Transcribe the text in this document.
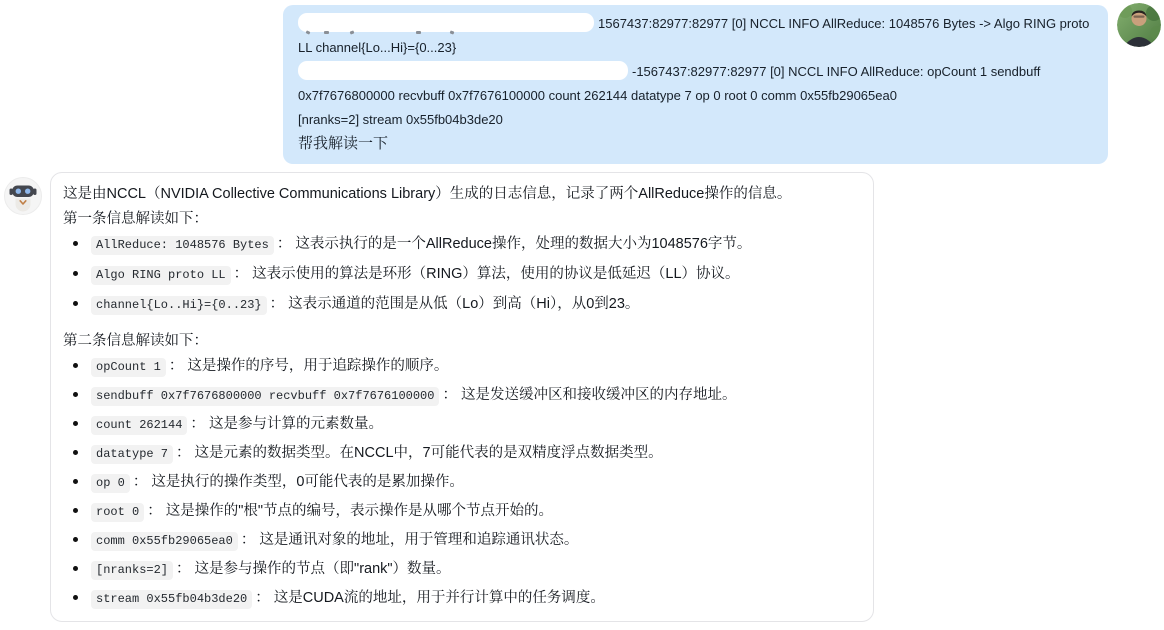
1567437:82977:82977 [0] NCCL INFO AllReduce: 1048576 Bytes -> Algo RING proto
LL channel{Lo...Hi}={0...23}
-1567437:82977:82977 [0] NCCL INFO AllReduce: opCount 1 sendbuff
0x7f7676800000 recvbuff 0x7f7676100000 count 262144 datatype 7 op 0 root 0 comm 0x55fb29065ea0
[nranks=2] stream 0x55fb04b3de20
帮我解读一下

这是由NCCL（NVIDIA Collective Communications Library）生成的日志信息，记录了两个AllReduce操作的信息。

第一条信息解读如下：

AllReduce: 1048576 Bytes ： 这表示执行的是一个AllReduce操作，处理的数据大小为1048576字节。
Algo RING proto LL ： 这表示使用的算法是环形（RING）算法，使用的协议是低延迟（LL）协议。
channel{Lo..Hi}={0..23} ： 这表示通道的范围是从低（Lo）到高（Hi），从0到23。

第二条信息解读如下：

opCount 1 ： 这是操作的序号，用于追踪操作的顺序。
sendbuff 0x7f7676800000 recvbuff 0x7f7676100000 ： 这是发送缓冲区和接收缓冲区的内存地址。
count 262144 ： 这是参与计算的元素数量。
datatype 7 ： 这是元素的数据类型。在NCCL中，7可能代表的是双精度浮点数据类型。
op 0 ： 这是执行的操作类型，0可能代表的是累加操作。
root 0 ： 这是操作的"根"节点的编号，表示操作是从哪个节点开始的。
comm 0x55fb29065ea0 ： 这是通讯对象的地址，用于管理和追踪通讯状态。
[nranks=2] ： 这是参与操作的节点（即"rank"）数量。
stream 0x55fb04b3de20 ： 这是CUDA流的地址，用于并行计算中的任务调度。
